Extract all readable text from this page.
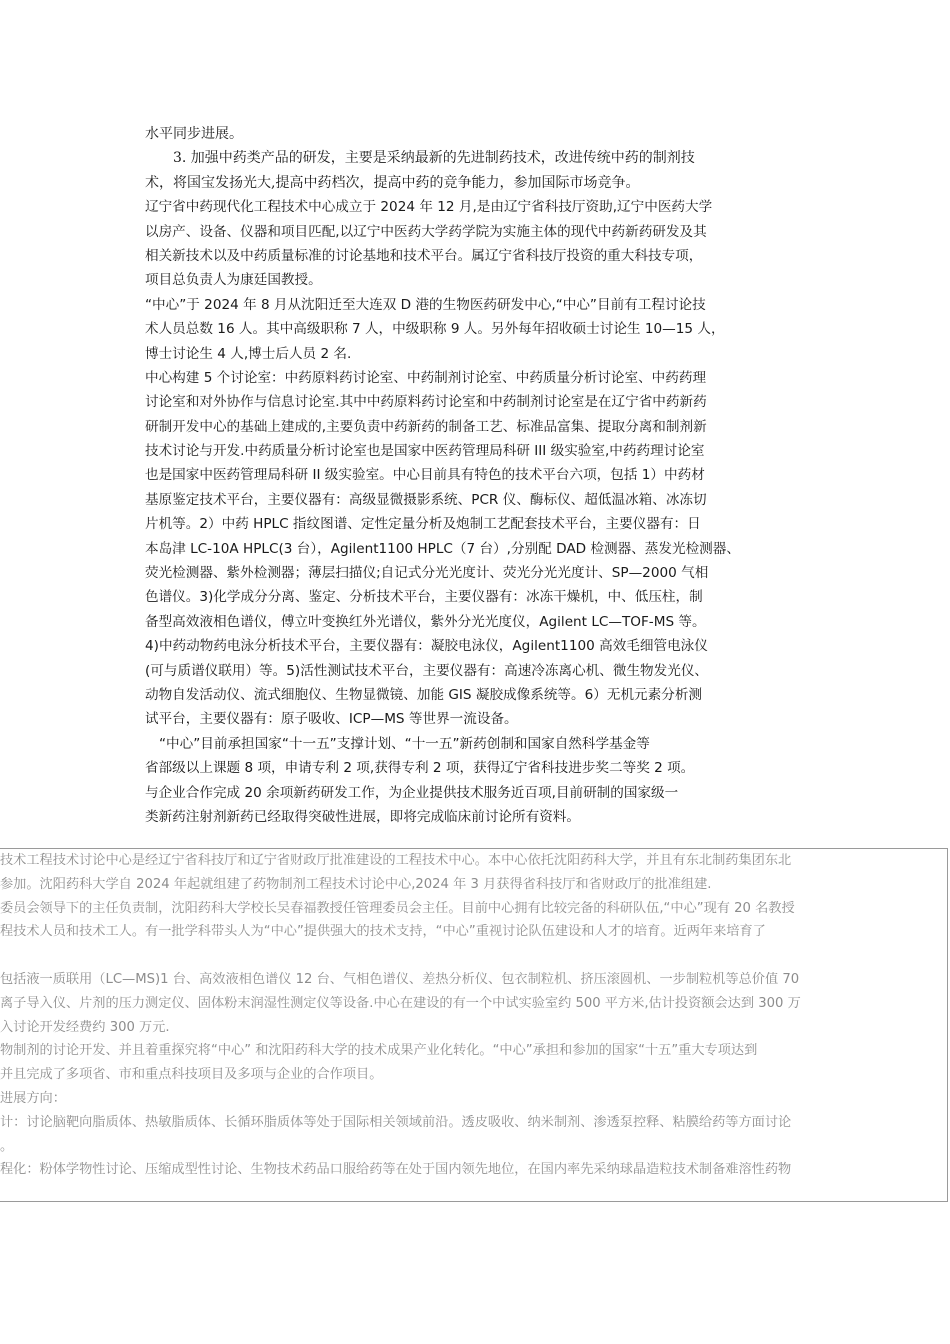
水平同步进展。
3. 加强中药类产品的研发，主要是采纳最新的先进制药技术，改进传统中药的制剂技
术，将国宝发扬光大,提高中药档次，提高中药的竞争能力，参加国际市场竞争。
辽宁省中药现代化工程技术中心成立于 2024 年 12 月,是由辽宁省科技厅资助,辽宁中医药大学
以房产、设备、仪器和项目匹配,以辽宁中医药大学药学院为实施主体的现代中药新药研发及其
相关新技术以及中药质量标准的讨论基地和技术平台。属辽宁省科技厅投资的重大科技专项，
项目总负责人为康廷国教授。
“中心”于 2024 年 8 月从沈阳迁至大连双 D 港的生物医药研发中心,“中心”目前有工程讨论技
术人员总数 16 人。其中高级职称 7 人，中级职称 9 人。另外每年招收硕士讨论生 10—15 人，
博士讨论生 4 人,博士后人员 2 名.
中心构建 5 个讨论室：中药原料药讨论室、中药制剂讨论室、中药质量分析讨论室、中药药理
讨论室和对外协作与信息讨论室.其中中药原料药讨论室和中药制剂讨论室是在辽宁省中药新药
研制开发中心的基础上建成的,主要负责中药新药的制备工艺、标准品富集、提取分离和制剂新
技术讨论与开发.中药质量分析讨论室也是国家中医药管理局科研 III 级实验室,中药药理讨论室
也是国家中医药管理局科研 II 级实验室。中心目前具有特色的技术平台六项，包括 1）中药材
基原鉴定技术平台，主要仪器有：高级显微摄影系统、PCR 仪、酶标仪、超低温冰箱、冰冻切
片机等。2）中药 HPLC 指纹图谱、定性定量分析及炮制工艺配套技术平台，主要仪器有：日
本岛津 LC-10A HPLC(3 台），Agilent1100 HPLC（7 台）,分别配 DAD 检测器、蒸发光检测器、
荧光检测器、紫外检测器；薄层扫描仪;自记式分光光度计、荧光分光光度计、SP—2000 气相
色谱仪。3)化学成分分离、鉴定、分析技术平台，主要仪器有：冰冻干燥机，中、低压柱，制
备型高效液相色谱仪，傅立叶变换红外光谱仪，紫外分光光度仪，Agilent LC—TOF-MS 等。
4)中药动物药电泳分析技术平台，主要仪器有：凝胶电泳仪，Agilent1100 高效毛细管电泳仪
(可与质谱仪联用）等。5)活性测试技术平台，主要仪器有：高速冷冻离心机、微生物发光仪、
动物自发活动仪、流式细胞仪、生物显微镜、加能 GIS 凝胶成像系统等。6）无机元素分析测
试平台，主要仪器有：原子吸收、ICP—MS 等世界一流设备。
“中心”目前承担国家“十一五”支撑计划、“十一五”新药创制和国家自然科学基金等
省部级以上课题 8 项，申请专利 2 项,获得专利 2 项，获得辽宁省科技进步奖二等奖 2 项。
与企业合作完成 20 余项新药研发工作，为企业提供技术服务近百项,目前研制的国家级一
类新药注射剂新药已经取得突破性进展，即将完成临床前讨论所有资料。
技术工程技术讨论中心是经辽宁省科技厅和辽宁省财政厅批准建设的工程技术中心。本中心依托沈阳药科大学，并且有东北制药集团东北
参加。沈阳药科大学自 2024 年起就组建了药物制剂工程技术讨论中心,2024 年 3 月获得省科技厅和省财政厅的批准组建.
委员会领导下的主任负责制，沈阳药科大学校长吴春福教授任管理委员会主任。目前中心拥有比较完备的科研队伍,“中心”现有 20 名教授
程技术人员和技术工人。有一批学科带头人为“中心”提供强大的技术支持，“中心”重视讨论队伍建设和人才的培育。近两年来培育了
包括液一质联用（LC—MS)1 台、高效液相色谱仪 12 台、气相色谱仪、差热分析仪、包衣制粒机、挤压滚圆机、一步制粒机等总价值 70
离子导入仪、片剂的压力测定仪、固体粉末润湿性测定仪等设备.中心在建设的有一个中试实验室约 500 平方米,估计投资额会达到 300 万
入讨论开发经费约 300 万元.
物制剂的讨论开发、并且着重探究将“中心” 和沈阳药科大学的技术成果产业化转化。“中心”承担和参加的国家“十五”重大专项达到
并且完成了多项省、市和重点科技项目及多项与企业的合作项目。
进展方向：
计：讨论脑靶向脂质体、热敏脂质体、长循环脂质体等处于国际相关领域前沿。透皮吸收、纳米制剂、渗透泵控释、粘膜给药等方面讨论
。
程化：粉体学物性讨论、压缩成型性讨论、生物技术药品口服给药等在处于国内领先地位，在国内率先采纳球晶造粒技术制备难溶性药物
